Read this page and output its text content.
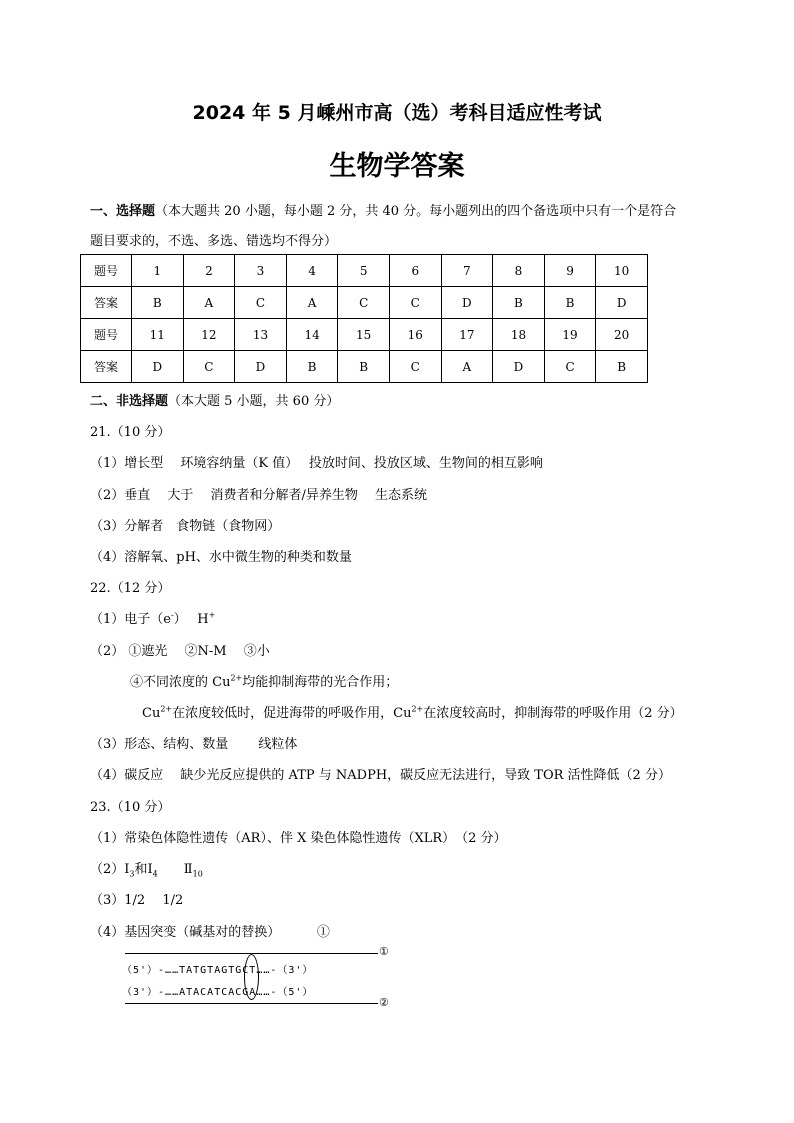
2024 年 5 月嵊州市高（选）考科目适应性考试
生物学答案
一、选择题（本大题共 20 小题，每小题 2 分，共 40 分。每小题列出的四个备选项中只有一个是符合
题目要求的，不选、多选、错选均不得分）
题号	1	2	3	4	5	6	7	8	9	10
答案	B	A	C	A	C	C	D	B	B	D
题号	11	12	13	14	15	16	17	18	19	20
答案	D	C	D	B	B	C	A	D	C	B
二、非选择题（本大题 5 小题，共 60 分）
21.（10 分）
（1）增长型　 环境容纳量（K 值）　 投放时间、投放区域、生物间的相互影响
（2）垂直　 大于　 消费者和分解者/异养生物　 生态系统
（3）分解者　食物链（食物网）
（4）溶解氧、pH、水中微生物的种类和数量
22.（12 分）
（1）电子（e-）　 H+
（2） ①遮光　 ②N-M　 ③小
④不同浓度的 $Cu^{2+}$均能抑制海带的光合作用；
$Cu^{2+}$在浓度较低时，促进海带的呼吸作用，$Cu^{2+}$在浓度较高时，抑制海带的呼吸作用（2 分）
（3）形态、结构、数量　　 线粒体
（4）碳反应　 缺少光反应提供的 ATP 与 NADPH，碳反应无法进行，导致 TOR 活性降低（2 分）
23.（10 分）
（1）常染色体隐性遗传（AR）、伴 X 染色体隐性遗传（XLR）　（2 分）
$(2)Ⅰ_3$和$Ⅰ_4$ $Ⅱ_{10}$
（3）1/2　 1/2
（4）基因突变（碱基对的替换）　　　 ①
①
（5'）-……TATGTAGTGCT……-（3'）
（3'）-……ATACATCACGA……-（5'）
②
